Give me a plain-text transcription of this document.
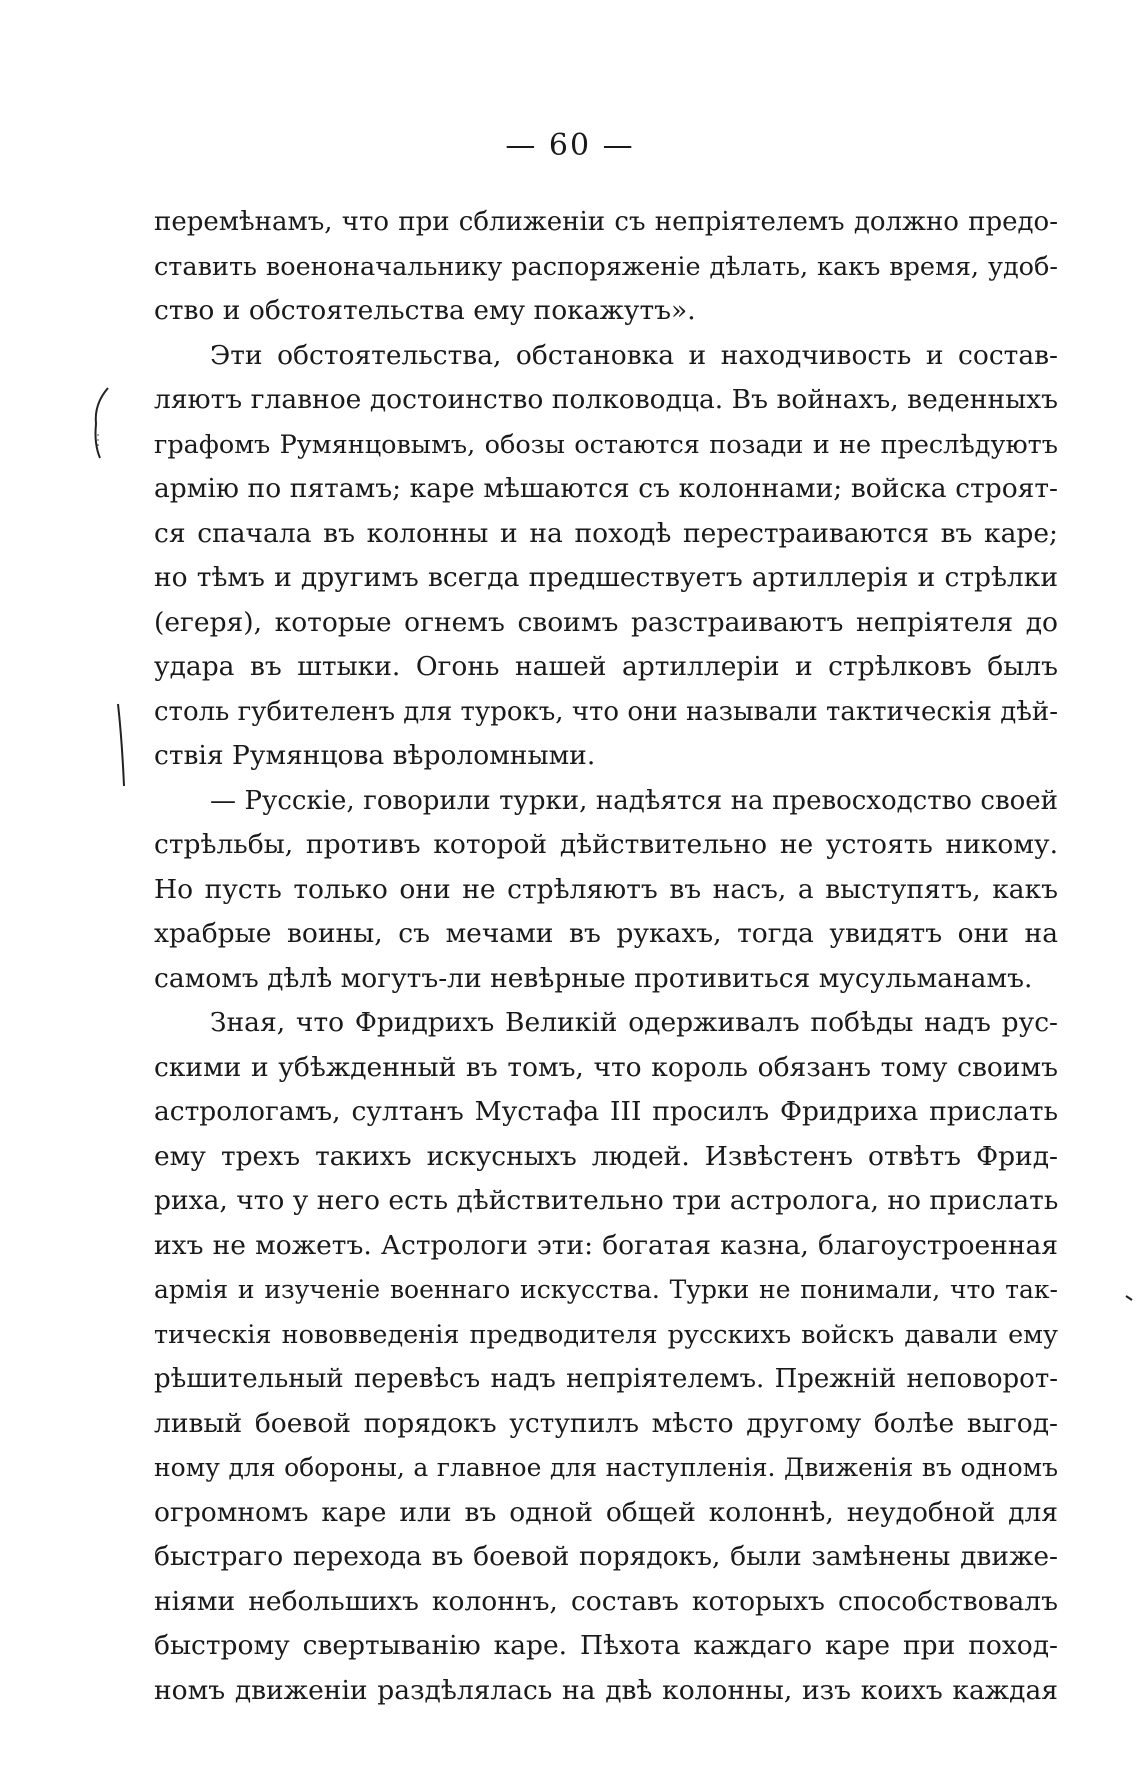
— 60 —
перемѣнамъ, что при сближенiи съ непрiятелемъ должно предо-
ставить военоначальнику распоряженiе дѣлать, какъ время, удоб-
ство и обстоятельства ему покажутъ».
Эти обстоятельства, обстановка и находчивость и состав-
ляютъ главное достоинство полководца. Въ войнахъ, веденныхъ
графомъ Румянцовымъ, обозы остаются позади и не преслѣдуютъ
армiю по пятамъ; каре мѣшаются съ колоннами; войска строят-
ся спачала въ колонны и на походѣ перестраиваются въ каре;
но тѣмъ и другимъ всегда предшествуетъ артиллерiя и стрѣлки
(егеря), которые огнемъ своимъ разстраиваютъ непрiятеля до
удара въ штыки. Огонь нашей артиллерiи и стрѣлковъ былъ
столь губителенъ для турокъ, что они называли тактическiя дѣй-
ствiя Румянцова вѣроломными.
— Русскiе, говорили турки, надѣятся на превосходство своей
стрѣльбы, противъ которой дѣйствительно не устоять никому.
Но пусть только они не стрѣляютъ въ насъ, а выступятъ, какъ
храбрые воины, съ мечами въ рукахъ, тогда увидятъ они на
самомъ дѣлѣ могутъ-ли невѣрные противиться мусульманамъ.
Зная, что Фридрихъ Великiй одерживалъ побѣды надъ рус-
скими и убѣжденный въ томъ, что король обязанъ тому своимъ
астрологамъ, султанъ Мустафа III просилъ Фридриха прислать
ему трехъ такихъ искусныхъ людей. Извѣстенъ отвѣтъ Фрид-
риха, что у него есть дѣйствительно три астролога, но прислать
ихъ не можетъ. Астрологи эти: богатая казна, благоустроенная
армiя и изученiе военнаго искусства. Турки не понимали, что так-
тическiя нововведенiя предводителя русскихъ войскъ давали ему
рѣшительный перевѣсъ надъ непрiятелемъ. Прежнiй неповорот-
ливый боевой порядокъ уступилъ мѣсто другому болѣе выгод-
ному для обороны, а главное для наступленiя. Движенiя въ одномъ
огромномъ каре или въ одной общей колоннѣ, неудобной для
быстраго перехода въ боевой порядокъ, были замѣнены движе-
нiями небольшихъ колоннъ, составъ которыхъ способствовалъ
быстрому свертыванiю каре. Пѣхота каждаго каре при поход-
номъ движенiи раздѣлялась на двѣ колонны, изъ коихъ каждая
